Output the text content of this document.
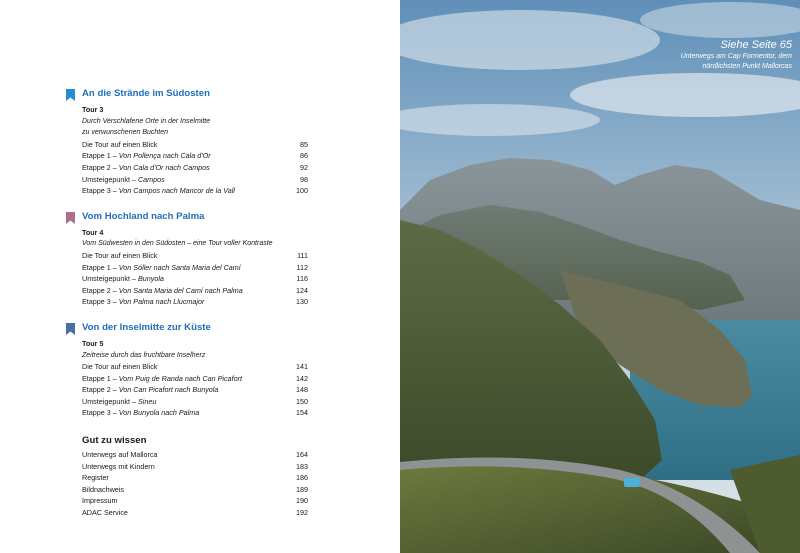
An die Strände im Südosten
Tour 3
Durch Verschlafene Orte in der Inselmitte
zu verwunschenen Buchten
Die Tour auf einen Blick	85
Etappe 1 – Von Pollença nach Cala d'Or	86
Etappe 2 – Von Cala d'Or nach Campos	92
Umsteigepunkt – Campos	98
Etappe 3 – Von Campos nach Mancor de la Vall	100
Vom Hochland nach Palma
Tour 4
Vom Südwesten in den Südosten – eine Tour voller Kontraste
Die Tour auf einen Blick	111
Etappe 1 – Von Sóller nach Santa Maria del Camí	112
Umsteigepunkt – Bunyola	116
Etappe 2 – Von Santa Maria del Camí nach Palma	124
Etappe 3 – Von Palma nach Llucmajor	130
Von der Inselmitte zur Küste
Tour 5
Zeitreise durch das fruchtbare Inselherz
Die Tour auf einen Blick	141
Etappe 1 – Vom Puig de Randa nach Can Picafort	142
Etappe 2 – Von Can Picafort nach Bunyola	148
Umsteigepunkt – Sineu	150
Etappe 3 – Von Bunyola nach Palma	154
Gut zu wissen
Unterwegs auf Mallorca	164
Unterwegs mit Kindern	183
Register	186
Bildnachweis	189
Impressum	190
ADAC Service	192
Siehe Seite 65
Unterwegs am Cap Formentor, dem
nördlichsten Punkt Mallorcas
